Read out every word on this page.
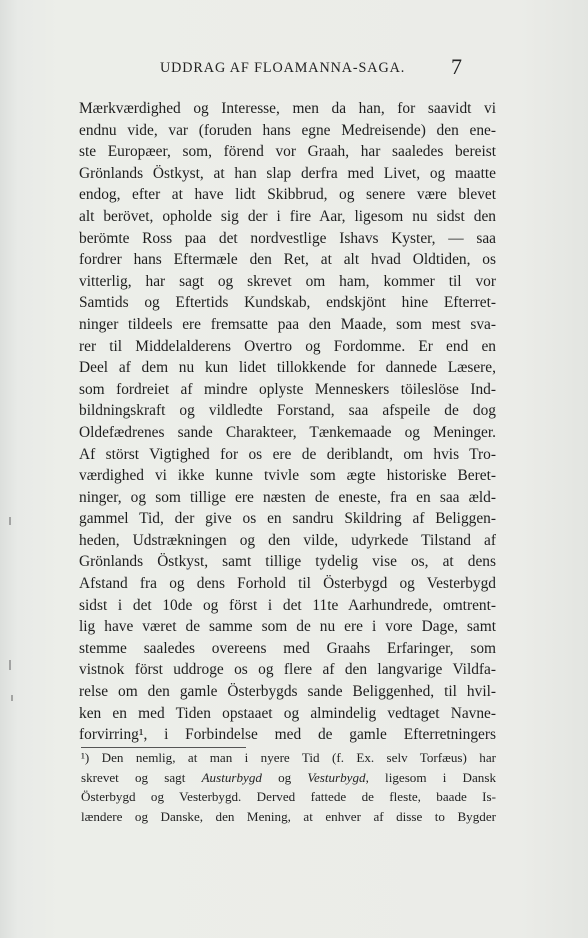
UDDRAG AF FLOAMANNA-SAGA. 7
Mærkværdighed og Interesse, men da han, for saavidt vi
endnu vide, var (foruden hans egne Medreisende) den ene-
ste Europæer, som, förend vor Graah, har saaledes bereist
Grönlands Östkyst, at han slap derfra med Livet, og maatte
endog, efter at have lidt Skibbrud, og senere være blevet
alt berövet, opholde sig der i fire Aar, ligesom nu sidst den
berömte Ross paa det nordvestlige Ishavs Kyster, — saa
fordrer hans Eftermæle den Ret, at alt hvad Oldtiden, os
vitterlig, har sagt og skrevet om ham, kommer til vor
Samtids og Eftertids Kundskab, endskjönt hine Efterret-
ninger tildeels ere fremsatte paa den Maade, som mest sva-
rer til Middelalderens Overtro og Fordomme. Er end en
Deel af dem nu kun lidet tillokkende for dannede Læsere,
som fordreiet af mindre oplyste Menneskers töileslöse Ind-
bildningskraft og vildledte Forstand, saa afspeile de dog
Oldefædrenes sande Charakteer, Tænkemaade og Meninger.
Af störst Vigtighed for os ere de deriblandt, om hvis Tro-
værdighed vi ikke kunne tvivle som ægte historiske Beret-
ninger, og som tillige ere næsten de eneste, fra en saa æld-
gammel Tid, der give os en sandru Skildring af Beliggen-
heden, Udstrækningen og den vilde, udyrkede Tilstand af
Grönlands Östkyst, samt tillige tydelig vise os, at dens
Afstand fra og dens Forhold til Österbygd og Vesterbygd
sidst i det 10de og först i det 11te Aarhundrede, omtrent-
lig have været de samme som de nu ere i vore Dage, samt
stemme saaledes overeens med Graahs Erfaringer, som
vistnok först uddroge os og flere af den langvarige Vildfa-
relse om den gamle Österbygds sande Beliggenhed, til hvil-
ken en med Tiden opstaaet og almindelig vedtaget Navne-
forvirring¹, i Forbindelse med de gamle Efterretningers
¹) Den nemlig, at man i nyere Tid (f. Ex. selv Torfæus) har
skrevet og sagt Austurbygd og Vesturbygd, ligesom i Dansk
Österbygd og Vesterbygd. Derved fattede de fleste, baade Is-
lændere og Danske, den Mening, at enhver af disse to Bygder
